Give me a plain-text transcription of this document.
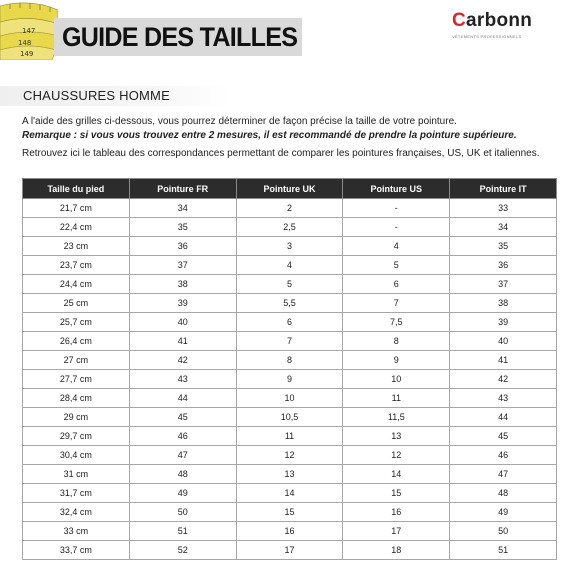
147
148
149
GUIDE DES TAILLES
Carbonn
VÊTEMENTS PROFESSIONNELS
CHAUSSURES HOMME

A l'aide des grilles ci-dessous, vous pourrez déterminer de façon précise la taille de votre pointure.

Remarque : si vous vous trouvez entre 2 mesures, il est recommandé de prendre la pointure supérieure.

Retrouvez ici le tableau des correspondances permettant de comparer les pointures françaises, US, UK et italiennes.

Taille du pied	Pointure FR	Pointure UK	Pointure US	Pointure IT
21,7 cm	34	2	-	33
22,4 cm	35	2,5	-	34
23 cm	36	3	4	35
23,7 cm	37	4	5	36
24,4 cm	38	5	6	37
25 cm	39	5,5	7	38
25,7 cm	40	6	7,5	39
26,4 cm	41	7	8	40
27 cm	42	8	9	41
27,7 cm	43	9	10	42
28,4 cm	44	10	11	43
29 cm	45	10,5	11,5	44
29,7 cm	46	11	13	45
30,4 cm	47	12	12	46
31 cm	48	13	14	47
31,7 cm	49	14	15	48
32,4 cm	50	15	16	49
33 cm	51	16	17	50
33,7 cm	52	17	18	51
